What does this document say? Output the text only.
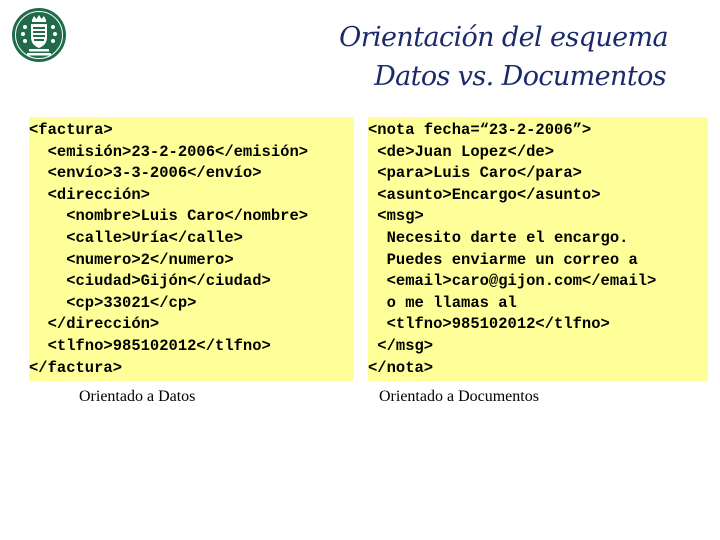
Orientación del esquema
Datos vs. Documentos
<factura>
<emisión>23-2-2006</emisión>
<envío>3-3-2006</envío>
<dirección>
<nombre>Luis Caro</nombre>
<calle>Uría</calle>
<numero>2</numero>
<ciudad>Gijón</ciudad>
<cp>33021</cp>
</dirección>
<tlfno>985102012</tlfno>
</factura>
<nota fecha=“23-2-2006”>
<de>Juan Lopez</de>
<para>Luis Caro</para>
<asunto>Encargo</asunto>
<msg>
Necesito darte el encargo.
Puedes enviarme un correo a
<email>caro@gijon.com</email>
o me llamas al
<tlfno>985102012</tlfno>
</msg>
</nota>
Orientado a Datos	Orientado a Documentos
